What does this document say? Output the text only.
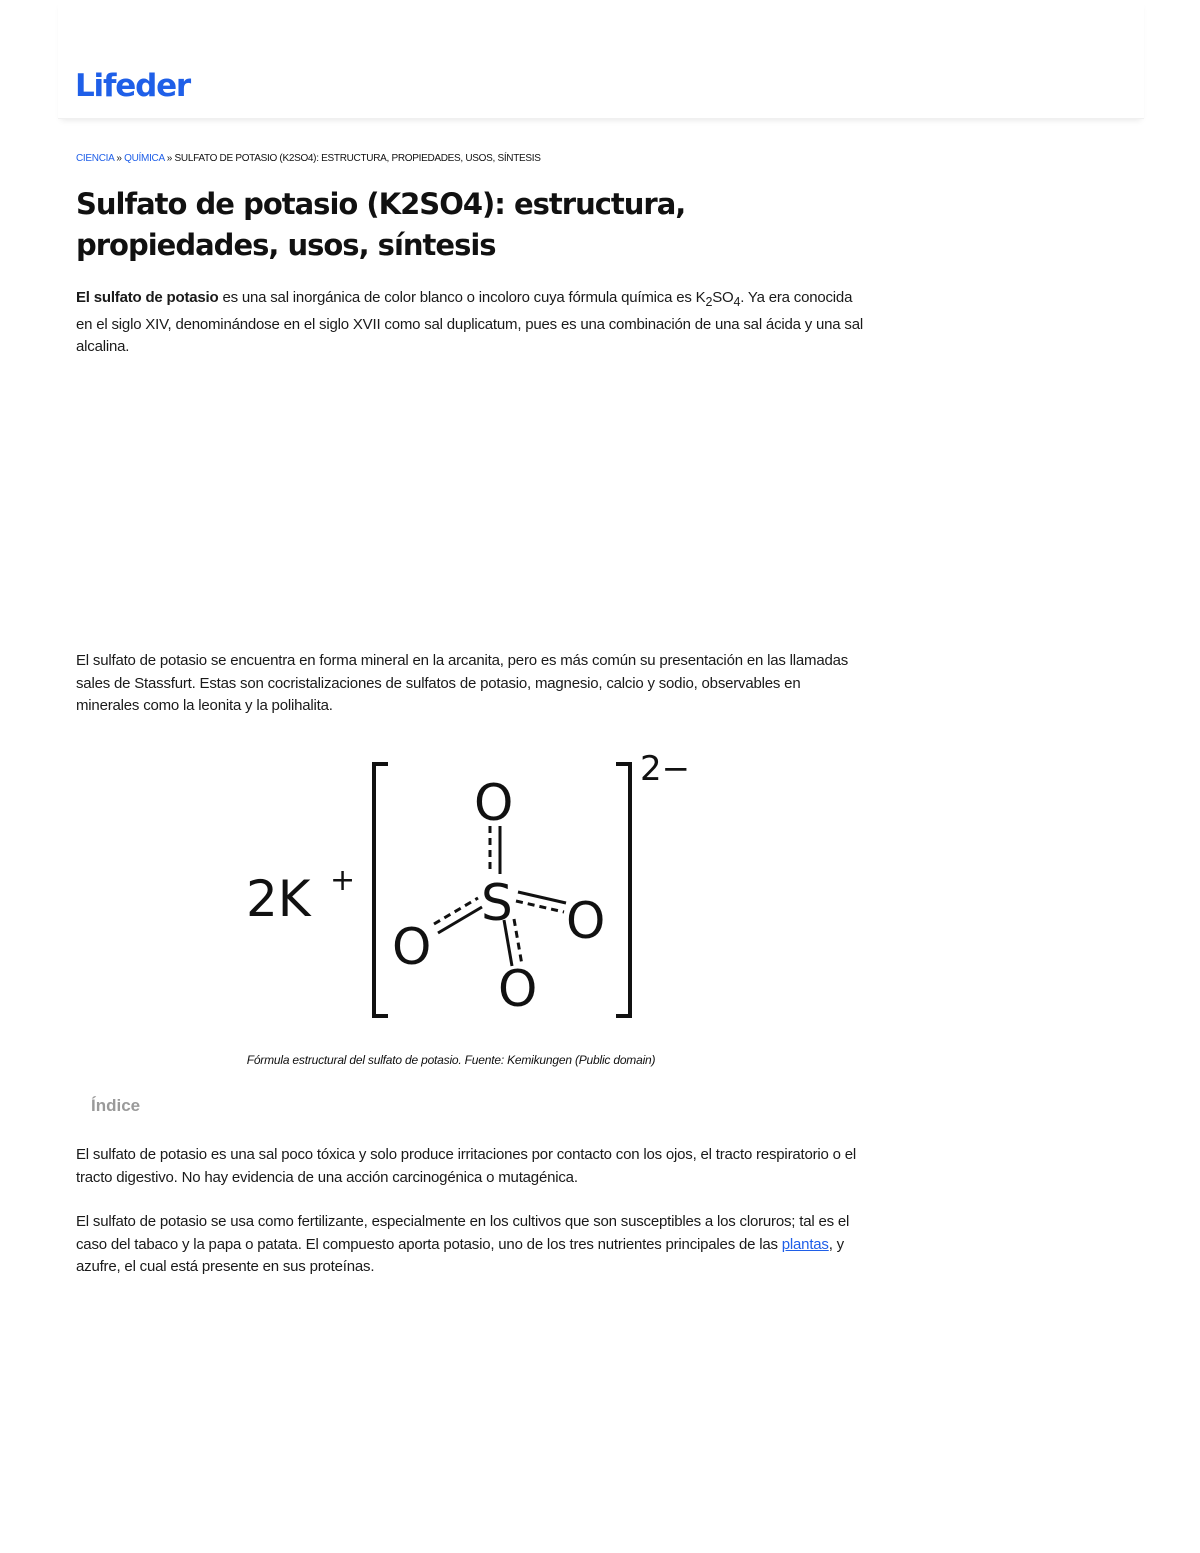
Lifeder
CIENCIA » QUÍMICA » SULFATO DE POTASIO (K2SO4): ESTRUCTURA, PROPIEDADES, USOS, SÍNTESIS
Sulfato de potasio (K2SO4): estructura, propiedades, usos, síntesis

El sulfato de potasio es una sal inorgánica de color blanco o incoloro cuya fórmula química es $K_2SO_4$. Ya era conocida en el siglo XIV, denominándose en el siglo XVII como sal duplicatum, pues es una combinación de una sal ácida y una sal alcalina.

El sulfato de potasio se encuentra en forma mineral en la arcanita, pero es más común su presentación en las llamadas sales de Stassfurt. Estas son cocristalizaciones de sulfatos de potasio, magnesio, calcio y sodio, observables en minerales como la leonita y la polihalita.

2K +	S
O
O	O
O
2−
Fórmula estructural del sulfato de potasio. Fuente: Kemikungen (Public domain)
Índice

El sulfato de potasio es una sal poco tóxica y solo produce irritaciones por contacto con los ojos, el tracto respiratorio o el tracto digestivo. No hay evidencia de una acción carcinogénica o mutagénica.

El sulfato de potasio se usa como fertilizante, especialmente en los cultivos que son susceptibles a los cloruros; tal es el caso del tabaco y la papa o patata. El compuesto aporta potasio, uno de los tres nutrientes principales de las plantas, y azufre, el cual está presente en sus proteínas.
